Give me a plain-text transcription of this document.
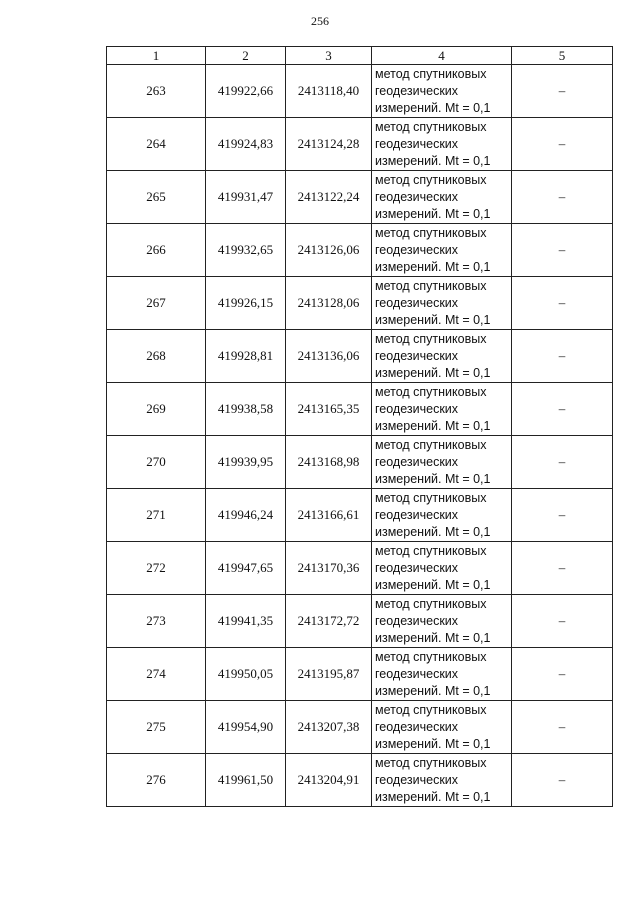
256
1	2	3	4	5
263	419922,66	2413118,40	метод спутниковых
геодезических
измерений. Mt = 0,1	–
264	419924,83	2413124,28	метод спутниковых
геодезических
измерений. Mt = 0,1	–
265	419931,47	2413122,24	метод спутниковых
геодезических
измерений. Mt = 0,1	–
266	419932,65	2413126,06	метод спутниковых
геодезических
измерений. Mt = 0,1	–
267	419926,15	2413128,06	метод спутниковых
геодезических
измерений. Mt = 0,1	–
268	419928,81	2413136,06	метод спутниковых
геодезических
измерений. Mt = 0,1	–
269	419938,58	2413165,35	метод спутниковых
геодезических
измерений. Mt = 0,1	–
270	419939,95	2413168,98	метод спутниковых
геодезических
измерений. Mt = 0,1	–
271	419946,24	2413166,61	метод спутниковых
геодезических
измерений. Mt = 0,1	–
272	419947,65	2413170,36	метод спутниковых
геодезических
измерений. Mt = 0,1	–
273	419941,35	2413172,72	метод спутниковых
геодезических
измерений. Mt = 0,1	–
274	419950,05	2413195,87	метод спутниковых
геодезических
измерений. Mt = 0,1	–
275	419954,90	2413207,38	метод спутниковых
геодезических
измерений. Mt = 0,1	–
276	419961,50	2413204,91	метод спутниковых
геодезических
измерений. Mt = 0,1	–
